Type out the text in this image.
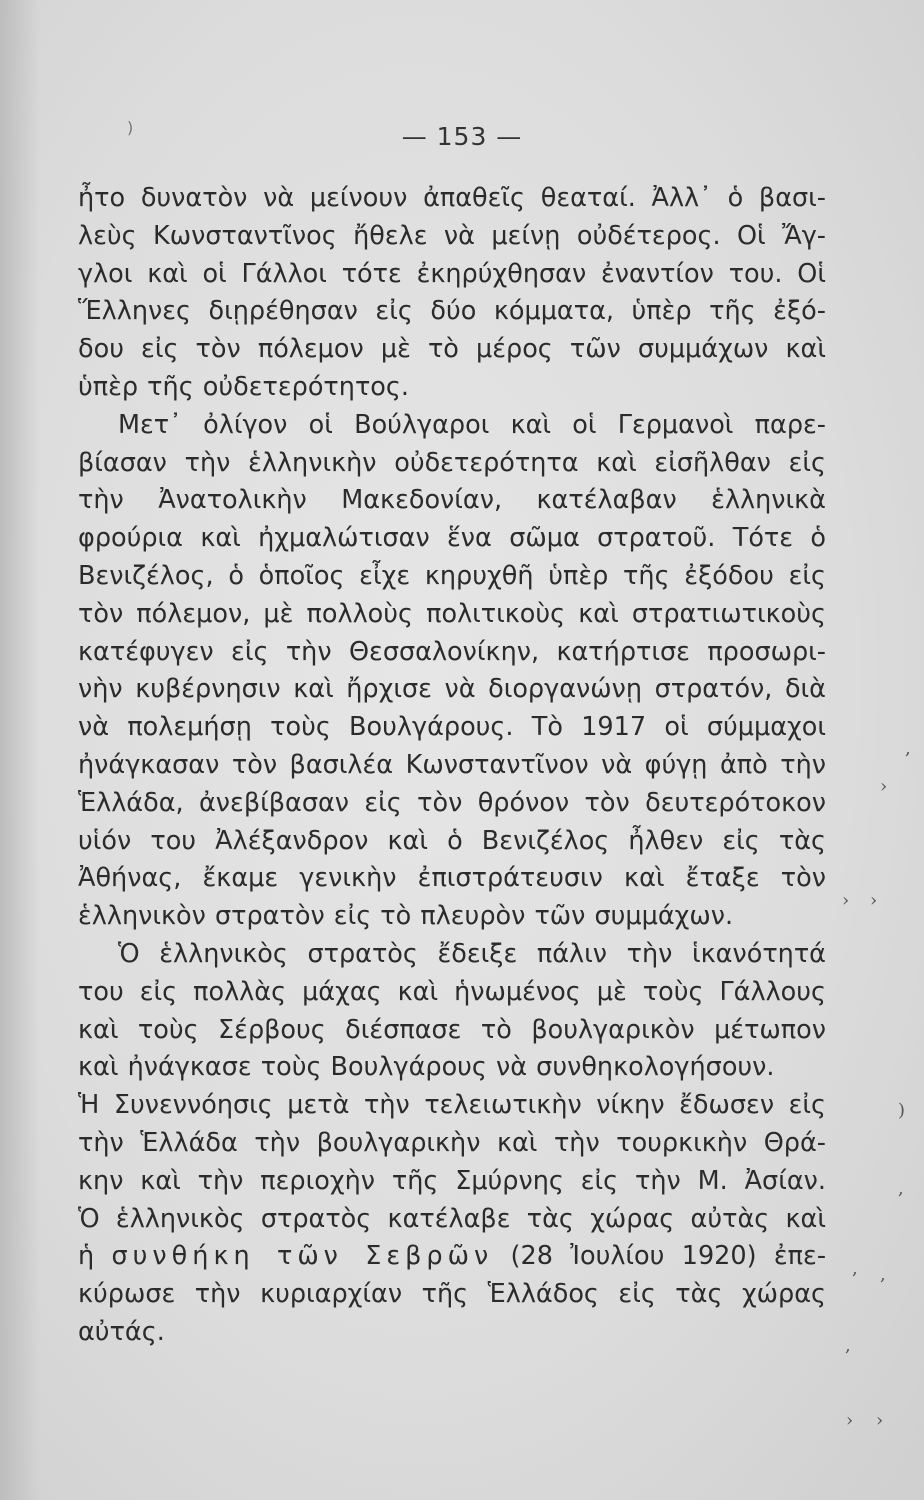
)	— 153 —
ἦτο δυνατὸν νὰ μείνουν ἀπαθεῖς θεαταί. Ἀλλ᾿ ὁ βασι-
λεὺς Κωνσταντῖνος ἤθελε νὰ μείνῃ οὐδέτερος. Οἱ Ἄγ-
γλοι καὶ οἱ Γάλλοι τότε ἐκηρύχθησαν ἐναντίον του. Οἱ
Ἕλληνες διῃρέθησαν εἰς δύο κόμματα, ὑπὲρ τῆς ἐξό-
δου εἰς τὸν πόλεμον μὲ τὸ μέρος τῶν συμμάχων καὶ
ὑπὲρ τῆς οὐδετερότητος.
Μετ᾿ ὀλίγον οἱ Βούλγαροι καὶ οἱ Γερμανοὶ παρε-
βίασαν τὴν ἑλληνικὴν οὐδετερότητα καὶ εἰσῆλθαν εἰς
τὴν Ἀνατολικὴν Μακεδονίαν, κατέλαβαν ἑλληνικὰ
φρούρια καὶ ἠχμαλώτισαν ἕνα σῶμα στρατοῦ. Τότε ὁ
Βενιζέλος, ὁ ὁποῖος εἶχε κηρυχθῆ ὑπὲρ τῆς ἐξόδου εἰς
τὸν πόλεμον, μὲ πολλοὺς πολιτικοὺς καὶ στρατιωτικοὺς
κατέφυγεν εἰς τὴν Θεσσαλονίκην, κατήρτισε προσωρι-
νὴν κυβέρνησιν καὶ ἤρχισε νὰ διοργανώνῃ στρατόν, διὰ
νὰ πολεμήσῃ τοὺς Βουλγάρους. Τὸ 1917 οἱ σύμμαχοι
ἠνάγκασαν τὸν βασιλέα Κωνσταντῖνον νὰ φύγῃ ἀπὸ τὴν
Ἑλλάδα, ἀνεβίβασαν εἰς τὸν θρόνον τὸν δευτερότοκον
υἱόν του Ἀλέξανδρον καὶ ὁ Βενιζέλος ἦλθεν εἰς τὰς
Ἀθήνας, ἔκαμε γενικὴν ἐπιστράτευσιν καὶ ἔταξε τὸν
ἑλληνικὸν στρατὸν εἰς τὸ πλευρὸν τῶν συμμάχων.
Ὁ ἑλληνικὸς στρατὸς ἔδειξε πάλιν τὴν ἱκανότητά
του εἰς πολλὰς μάχας καὶ ἡνωμένος μὲ τοὺς Γάλλους
καὶ τοὺς Σέρβους διέσπασε τὸ βουλγαρικὸν μέτωπον
καὶ ἠνάγκασε τοὺς Βουλγάρους νὰ συνθηκολογήσουν.
Ἡ Συνεννόησις μετὰ τὴν τελειωτικὴν νίκην ἔδωσεν εἰς
τὴν Ἑλλάδα τὴν βουλγαρικὴν καὶ τὴν τουρκικὴν Θρά-
κην καὶ τὴν περιοχὴν τῆς Σμύρνης εἰς τὴν Μ. Ἀσίαν.
Ὁ ἑλληνικὸς στρατὸς κατέλαβε τὰς χώρας αὐτὰς καὶ
ἡ συνθήκη τῶν Σεβρῶν (28 Ἰουλίου 1920) ἐπε-
κύρωσε τὴν κυριαρχίαν τῆς Ἑλλάδος εἰς τὰς χώρας
αὐτάς.
,
›
› ›
)
,
, ,
,
› ›
